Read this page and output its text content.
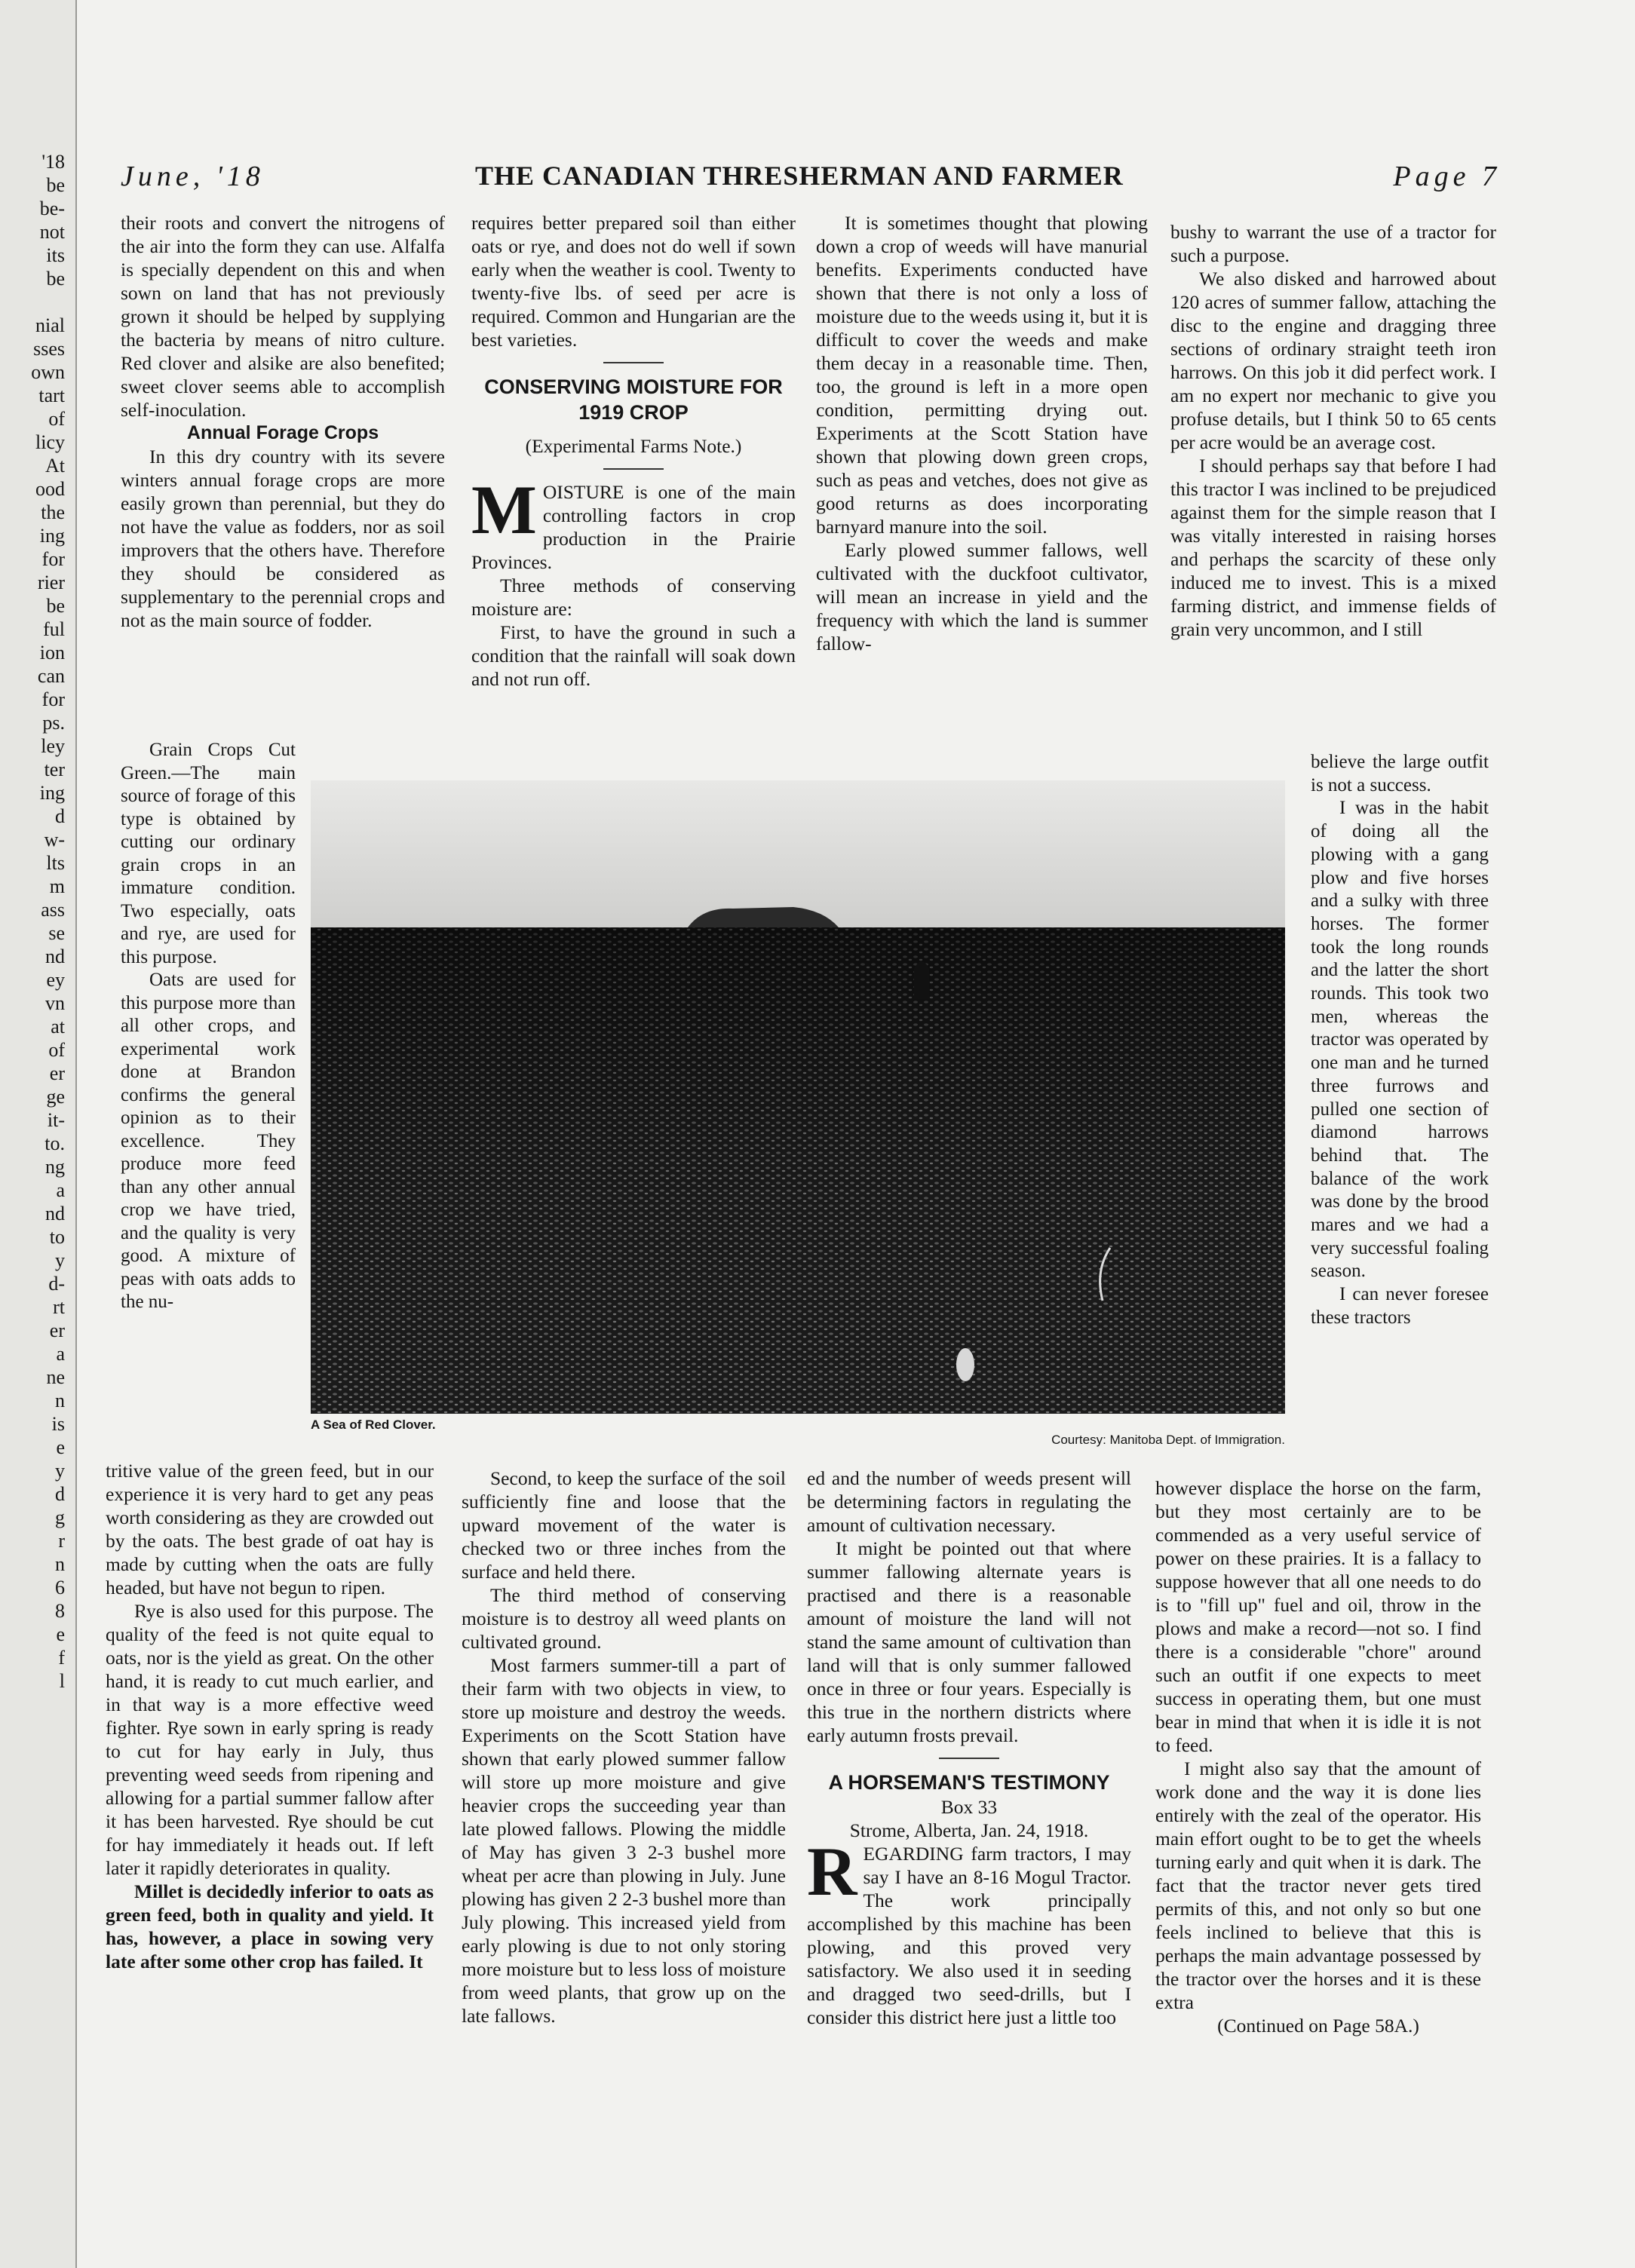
'18
be
be-
not
its
be
nial
sses
own
tart
of
licy
At
ood
the
ing
for
rier
be
ful
ion
can
for
ps.
ley
ter
ing
d
w-
lts
m
ass
se
nd
ey
vn
at
of
er
ge
it-
to.
ng
a
nd
to
y
d-
rt
er
a
ne
n
is
e
y
d
g
r
n
6
8
e
f
l
June, '18	THE CANADIAN THRESHERMAN AND FARMER	Page 7

their roots and convert the nitrogens of the air into the form they can use. Alfalfa is specially dependent on this and when sown on land that has not previously grown it should be helped by supplying the bacteria by means of nitro culture. Red clover and alsike are also benefited; sweet clover seems able to accomplish self-inoculation.

Annual Forage Crops

In this dry country with its severe winters annual forage crops are more easily grown than perennial, but they do not have the value as fodders, nor as soil improvers that the others have. Therefore they should be considered as supplementary to the perennial crops and not as the main source of fodder.

Grain Crops Cut Green.—The main source of forage of this type is obtained by cutting our ordinary grain crops in an immature condition. Two especially, oats and rye, are used for this purpose.

Oats are used for this purpose more than all other crops, and experimental work done at Brandon confirms the general opinion as to their excellence. They produce more feed than any other annual crop we have tried, and the quality is very good. A mixture of peas with oats adds to the nu-

tritive value of the green feed, but in our experience it is very hard to get any peas worth considering as they are crowded out by the oats. The best grade of oat hay is made by cutting when the oats are fully headed, but have not begun to ripen.

Rye is also used for this purpose. The quality of the feed is not quite equal to oats, nor is the yield as great. On the other hand, it is ready to cut much earlier, and in that way is a more effective weed fighter. Rye sown in early spring is ready to cut for hay early in July, thus preventing weed seeds from ripening and allowing for a partial summer fallow after it has been harvested. Rye should be cut for hay immediately it heads out. If left later it rapidly deteriorates in quality.

Millet is decidedly inferior to oats as green feed, both in quality and yield. It has, however, a place in sowing very late after some other crop has failed. It

requires better prepared soil than either oats or rye, and does not do well if sown early when the weather is cool. Twenty to twenty-five lbs. of seed per acre is required. Common and Hungarian are the best varieties.

CONSERVING MOISTURE FOR 1919 CROP

(Experimental Farms Note.)

MOISTURE is one of the main controlling factors in crop production in the Prairie Provinces.

Three methods of conserving moisture are:

First, to have the ground in such a condition that the rainfall will soak down and not run off.

Second, to keep the surface of the soil sufficiently fine and loose that the upward movement of the water is checked two or three inches from the surface and held there.

The third method of conserving moisture is to destroy all weed plants on cultivated ground.

Most farmers summer-till a part of their farm with two objects in view, to store up moisture and destroy the weeds. Experiments on the Scott Station have shown that early plowed summer fallow will store up more moisture and give heavier crops the succeeding year than late plowed fallows. Plowing the middle of May has given 3 2-3 bushel more wheat per acre than plowing in July. June plowing has given 2 2-3 bushel more than July plowing. This increased yield from early plowing is due to not only storing more moisture but to less loss of moisture from weed plants, that grow up on the late fallows.

It is sometimes thought that plowing down a crop of weeds will have manurial benefits. Experiments conducted have shown that there is not only a loss of moisture due to the weeds using it, but it is difficult to cover the weeds and make them decay in a reasonable time. Then, too, the ground is left in a more open condition, permitting drying out. Experiments at the Scott Station have shown that plowing down green crops, such as peas and vetches, does not give as good returns as does incorporating barnyard manure into the soil.

Early plowed summer fallows, well cultivated with the duckfoot cultivator, will mean an increase in yield and the frequency with which the land is summer fallow-

ed and the number of weeds present will be determining factors in regulating the amount of cultivation necessary.

It might be pointed out that where summer fallowing alternate years is practised and there is a reasonable amount of moisture the land will not stand the same amount of cultivation than land will that is only summer fallowed once in three or four years. Especially is this true in the northern districts where early autumn frosts prevail.

A HORSEMAN'S TESTIMONY

Box 33

Strome, Alberta, Jan. 24, 1918.

REGARDING farm tractors, I may say I have an 8-16 Mogul Tractor. The work principally accomplished by this machine has been plowing, and this proved very satisfactory. We also used it in seeding and dragged two seed-drills, but I consider this district here just a little too

bushy to warrant the use of a tractor for such a purpose.

We also disked and harrowed about 120 acres of summer fallow, attaching the disc to the engine and dragging three sections of ordinary straight teeth iron harrows. On this job it did perfect work. I am no expert nor mechanic to give you profuse details, but I think 50 to 65 cents per acre would be an average cost.

I should perhaps say that before I had this tractor I was inclined to be prejudiced against them for the simple reason that I was vitally interested in raising horses and perhaps the scarcity of these only induced me to invest. This is a mixed farming district, and immense fields of grain very uncommon, and I still

believe the large outfit is not a success.

I was in the habit of doing all the plowing with a gang plow and five horses and a sulky with three horses. The former took the long rounds and the latter the short rounds. This took two men, whereas the tractor was operated by one man and he turned three furrows and pulled one section of diamond harrows behind that. The balance of the work was done by the brood mares and we had a very successful foaling season.

I can never foresee these tractors

however displace the horse on the farm, but they most certainly are to be commended as a very useful service of power on these prairies. It is a fallacy to suppose however that all one needs to do is to "fill up" fuel and oil, throw in the plows and make a record—not so. I find there is a considerable "chore" around such an outfit if one expects to meet success in operating them, but one must bear in mind that when it is idle it is not to feed.

I might also say that the amount of work done and the way it is done lies entirely with the zeal of the operator. His main effort ought to be to get the wheels turning early and quit when it is dark. The fact that the tractor never gets tired permits of this, and not only so but one feels inclined to believe that this is perhaps the main advantage possessed by the tractor over the horses and it is these extra

(Continued on Page 58A.)

A Sea of Red Clover.
Courtesy: Manitoba Dept. of Immigration.
